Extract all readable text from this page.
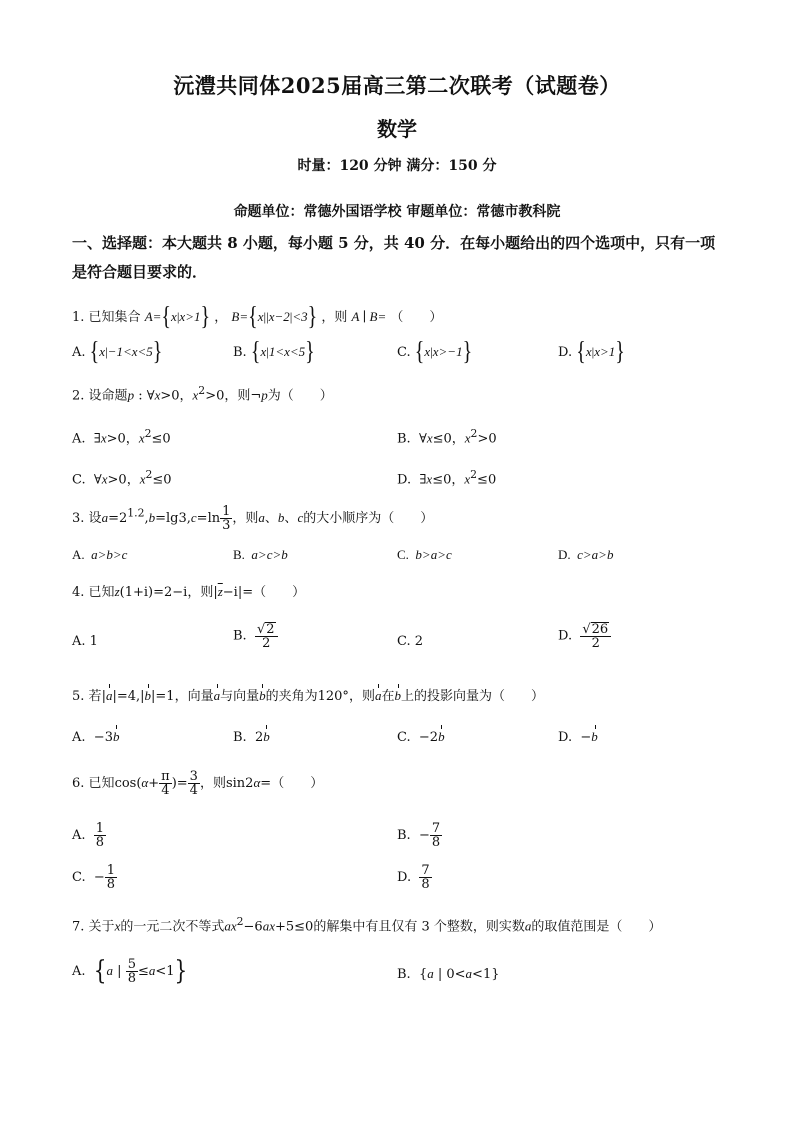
沅澧共同体2025届高三第二次联考（试题卷）
数学
时量：120 分钟 满分：150 分
命题单位：常德外国语学校 审题单位：常德市教科院
一、选择题：本大题共 8 小题，每小题 5 分，共 40 分．在每小题给出的四个选项中，只有一项是符合题目要求的．
1. 已知集合 A={x|x>1} ， B={x||x−2|<3} ，则 A ∣ B= （　　）
A. {x|−1<x<5}	B. {x|1<x<5}	C. {x|x>−1}	D. {x|x>1}
2. 设命题p : ∀x>0，$x^2>0$，则¬p为（　　）
A.  ∃x>0，$x^2\le 0$	B.  ∀x≤0，$x^2>0$
C.  ∀x>0，$x^2\le 0$	D.  ∃x≤0，$x^2\le 0$
3. 设$a=2^{1.2},b=\lg 3,c=\ln \frac{1}{3}$ ，则a、b、c的大小顺序为（　　）
A.  a>b>c	B.  a>c>b	C.  b>a>c	D.  c>a>b
4. 已知z(1+i)=2−i，则$|\overline{z}-i|=$（　　）
A. 1	B. $\frac{√2}{2}$	C. 2	D. $\frac{√26}{2}$
5. 若|a|=4,|b|=1，向量a与向量b的夹角为120°，则a在b上的投影向量为（　　）
A.  −3b	B.  2b	C.  −2b	D.  −b
6. 已知$\cos(\alpha+ \frac{\pi}{4}$ )= $\frac{3}{4}$ ，则sin2α=（　　）
A. $\frac{1}{8}$	B.  − $\frac{7}{8}$
C.  − $\frac{1}{8}$	D. $\frac{7}{8}$
7. 关于x的一元二次不等式$ax^2-6ax+5\le 0$的解集中有且仅有 3 个整数，则实数a的取值范围是（　　）
A. {a | $\frac{5}{8} \le a<1$}	B.  {a | 0<a<1}
